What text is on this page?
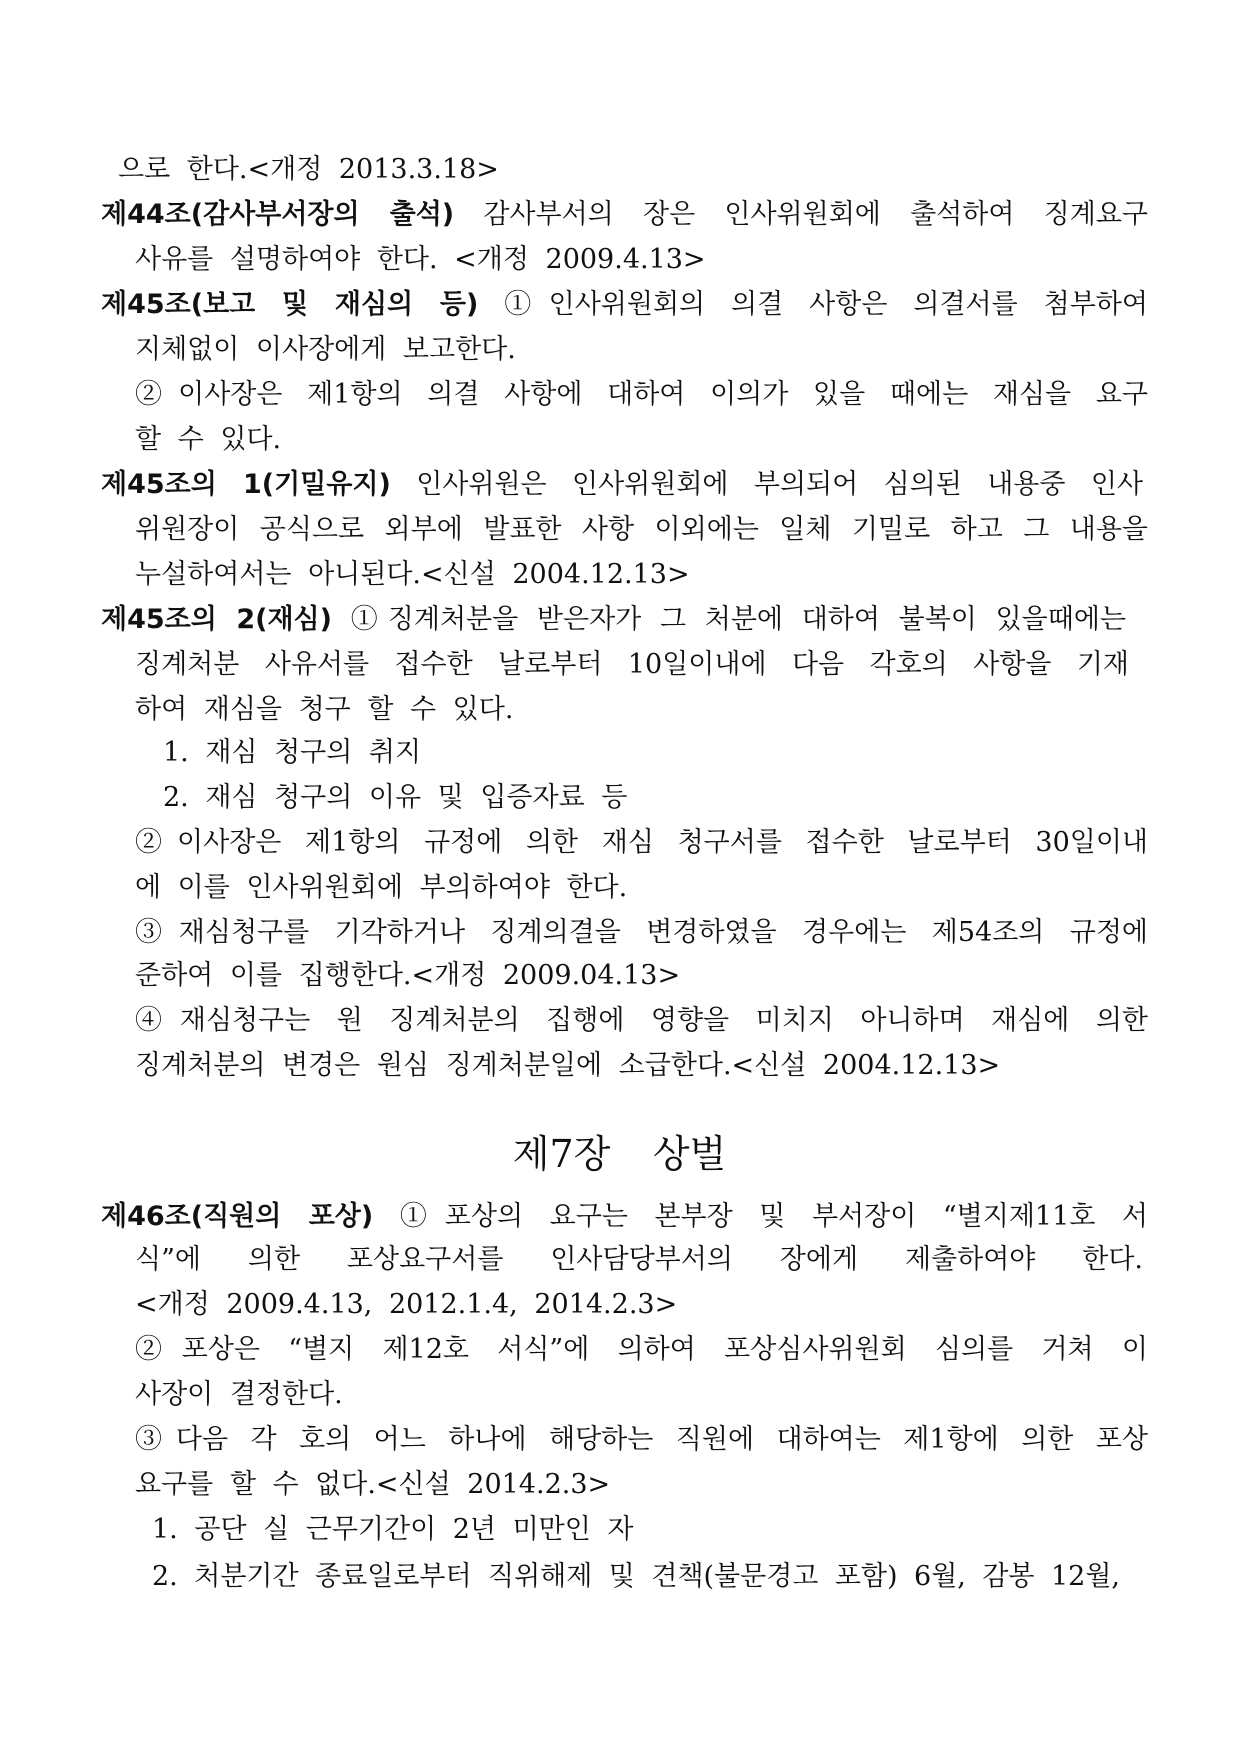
으로 한다.<개정 2013.3.18>
제44조(감사부서장의 출석) 감사부서의 장은 인사위원회에 출석하여 징계요구
사유를 설명하여야 한다. <개정 2009.4.13>
제45조(보고 및 재심의 등) ①인사위원회의 의결 사항은 의결서를 첨부하여
지체없이 이사장에게 보고한다.
②이사장은 제1항의 의결 사항에 대하여 이의가 있을 때에는 재심을 요구
할 수 있다.
제45조의 1(기밀유지) 인사위원은 인사위원회에 부의되어 심의된 내용중 인사
위원장이 공식으로 외부에 발표한 사항 이외에는 일체 기밀로 하고 그 내용을
누설하여서는 아니된다.<신설 2004.12.13>
제45조의 2(재심) ①징계처분을 받은자가 그 처분에 대하여 불복이 있을때에는
징계처분 사유서를 접수한 날로부터 10일이내에 다음 각호의 사항을 기재
하여 재심을 청구 할 수 있다.
1. 재심 청구의 취지
2. 재심 청구의 이유 및 입증자료 등
②이사장은 제1항의 규정에 의한 재심 청구서를 접수한 날로부터 30일이내
에 이를 인사위원회에 부의하여야 한다.
③재심청구를 기각하거나 징계의결을 변경하였을 경우에는 제54조의 규정에
준하여 이를 집행한다.<개정 2009.04.13>
④재심청구는 원 징계처분의 집행에 영향을 미치지 아니하며 재심에 의한
징계처분의 변경은 원심 징계처분일에 소급한다.<신설 2004.12.13>
제7장 상벌
제46조(직원의 포상) ①포상의 요구는 본부장 및 부서장이 “별지제11호 서
식”에 의한 포상요구서를 인사담당부서의 장에게 제출하여야 한다.
<개정 2009.4.13, 2012.1.4, 2014.2.3>
②포상은 “별지 제12호 서식”에 의하여 포상심사위원회 심의를 거쳐 이
사장이 결정한다.
③다음 각 호의 어느 하나에 해당하는 직원에 대하여는 제1항에 의한 포상
요구를 할 수 없다.<신설 2014.2.3>
1. 공단 실 근무기간이 2년 미만인 자
2. 처분기간 종료일로부터 직위해제 및 견책(불문경고 포함) 6월, 감봉 12월,
